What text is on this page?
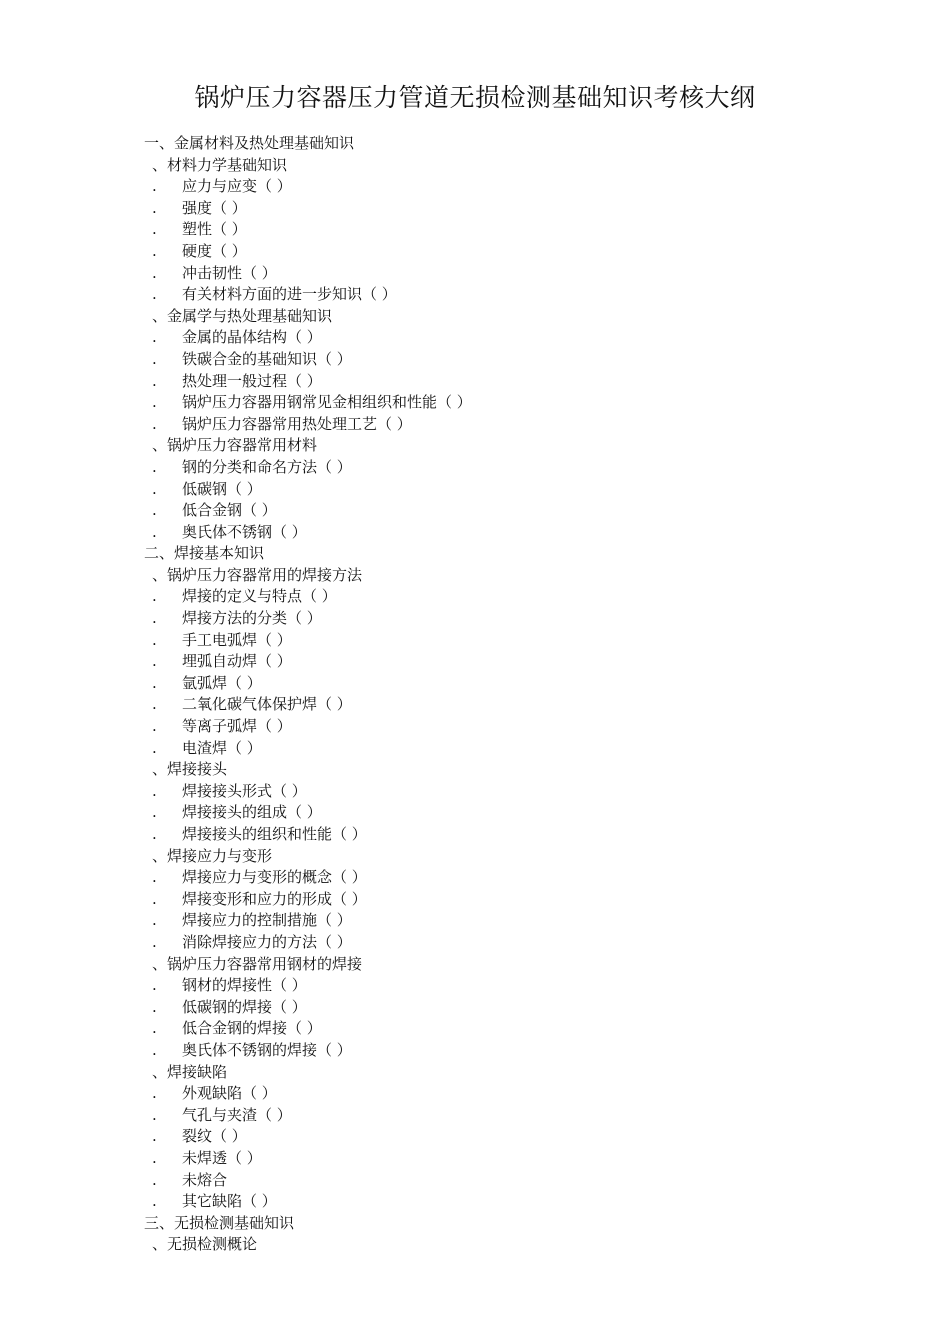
锅炉压力容器压力管道无损检测基础知识考核大纲
一、金属材料及热处理基础知识
、材料力学基础知识
. 应力与应变（ ）
. 强度（ ）
. 塑性（ ）
. 硬度（ ）
. 冲击韧性（ ）
. 有关材料方面的进一步知识（ ）
、金属学与热处理基础知识
. 金属的晶体结构（ ）
. 铁碳合金的基础知识（ ）
. 热处理一般过程（ ）
. 锅炉压力容器用钢常见金相组织和性能（ ）
. 锅炉压力容器常用热处理工艺（ ）
、锅炉压力容器常用材料
. 钢的分类和命名方法（ ）
. 低碳钢（ ）
. 低合金钢（ ）
. 奥氏体不锈钢（ ）
二、焊接基本知识
、锅炉压力容器常用的焊接方法
. 焊接的定义与特点（ ）
. 焊接方法的分类（ ）
. 手工电弧焊（ ）
. 埋弧自动焊（ ）
. 氩弧焊（ ）
. 二氧化碳气体保护焊（ ）
. 等离子弧焊（ ）
. 电渣焊（ ）
、焊接接头
. 焊接接头形式（ ）
. 焊接接头的组成（ ）
. 焊接接头的组织和性能（ ）
、焊接应力与变形
. 焊接应力与变形的概念（ ）
. 焊接变形和应力的形成（ ）
. 焊接应力的控制措施（ ）
. 消除焊接应力的方法（ ）
、锅炉压力容器常用钢材的焊接
. 钢材的焊接性（ ）
. 低碳钢的焊接（ ）
. 低合金钢的焊接（ ）
. 奥氏体不锈钢的焊接（ ）
、焊接缺陷
. 外观缺陷（ ）
. 气孔与夹渣（ ）
. 裂纹（ ）
. 未焊透（ ）
. 未熔合
. 其它缺陷（ ）
三、无损检测基础知识
、无损检测概论
